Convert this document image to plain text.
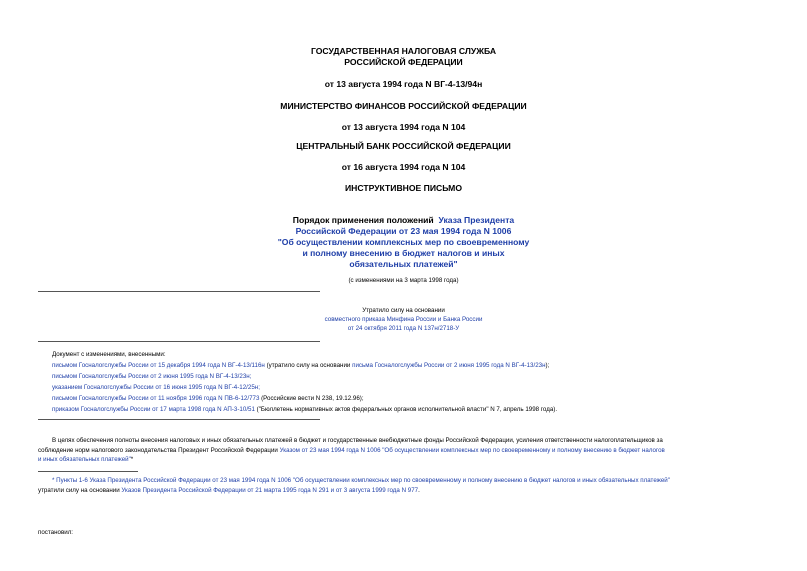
ГОСУДАРСТВЕННАЯ НАЛОГОВАЯ СЛУЖБА
РОССИЙСКОЙ ФЕДЕРАЦИИ
от 13 августа 1994 года N ВГ-4-13/94н
МИНИСТЕРСТВО ФИНАНСОВ РОССИЙСКОЙ ФЕДЕРАЦИИ
от 13 августа 1994 года N 104
ЦЕНТРАЛЬНЫЙ БАНК РОССИЙСКОЙ ФЕДЕРАЦИИ
от 16 августа 1994 года N 104
ИНСТРУКТИВНОЕ ПИСЬМО
Порядок применения положений Указа Президента
Российской Федерации от 23 мая 1994 года N 1006
"Об осуществлении комплексных мер по своевременному
и полному внесению в бюджет налогов и иных
обязательных платежей"
(с изменениями на 3 марта 1998 года)
Утратило силу на основании
совместного приказа Минфина России и Банка России
от 24 октября 2011 года N 137н/2718-У
Документ с изменениями, внесенными:
письмом Госналогслужбы России от 15 декабря 1994 года N ВГ-4-13/116н (утратило силу на основании письма Госналогслужбы России от 2 июня 1995 года N ВГ-4-13/23н);
письмом Госналогслужбы России от 2 июня 1995 года N ВГ-4-13/23н;
указанием Госналогслужбы России от 16 июня 1995 года N ВГ-4-12/25н;
письмом Госналогслужбы России от 11 ноября 1996 года N ПВ-6-12/773 (Российские вести N 238, 19.12.96);
приказом Госналогслужбы России от 17 марта 1998 года N АП-3-10/51 ("Бюллетень нормативных актов федеральных органов исполнительной власти" N 7, апрель 1998 года).
В целях обеспечения полноты внесения налоговых и иных обязательных платежей в бюджет и государственные внебюджетные фонды Российской Федерации, усиления ответственности налогоплательщиков за
соблюдение норм налогового законодательства Президент Российской Федерации Указом от 23 мая 1994 года N 1006 "Об осуществлении комплексных мер по своевременному и полному внесению в бюджет налогов
и иных обязательных платежей"*
* Пункты 1-6 Указа Президента Российской Федерации от 23 мая 1994 года N 1006 "Об осуществлении комплексных мер по своевременному и полному внесению в бюджет налогов и иных обязательных платежей"
утратили силу на основании Указов Президента Российской Федерации от 21 марта 1995 года N 291 и от 3 августа 1999 года N 977.
постановил:
